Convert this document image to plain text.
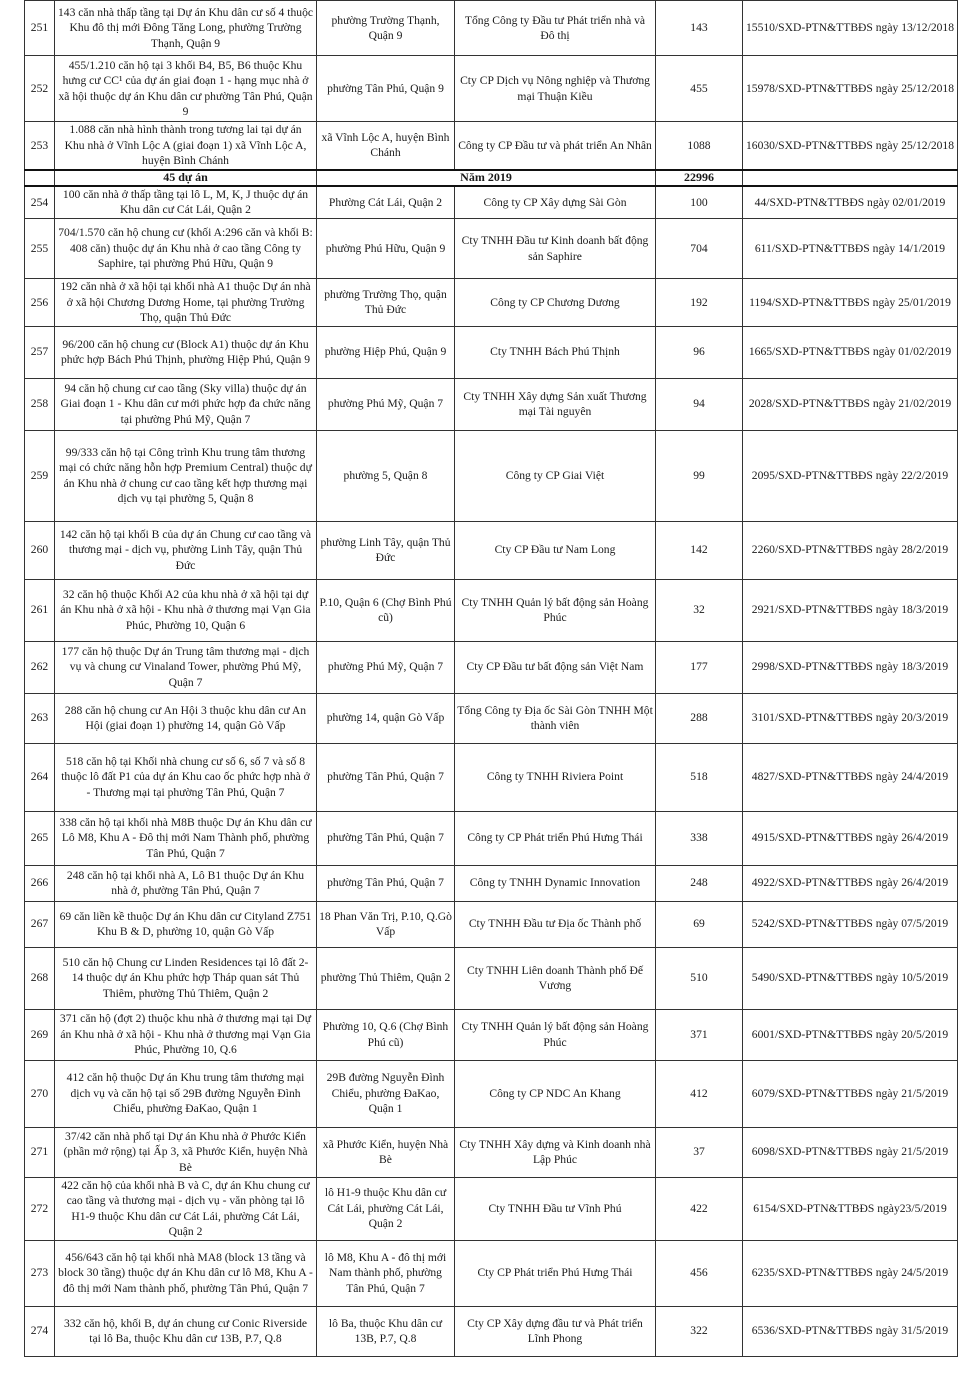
251	143 căn nhà thấp tầng tại Dự án Khu dân cư số 4 thuộc Khu đô thị mới Đông Tăng Long, phường Trường Thạnh, Quận 9	phường Trường Thạnh, Quận 9	Tổng Công ty Đầu tư Phát triển nhà và Đô thị	143	15510/SXD-PTN&TTBĐS ngày 13/12/2018
252	455/1.210 căn hộ tại 3 khối B4, B5, B6 thuộc Khu hưng cư CC¹ của dự án giai đoạn 1 - hạng mục nhà ở xã hội thuộc dự án Khu dân cư phường Tân Phú, Quận 9	phường Tân Phú, Quận 9	Cty CP Dịch vụ Nông nghiệp và Thương mại Thuận Kiều	455	15978/SXD-PTN&TTBĐS ngày 25/12/2018
253	1.088 căn nhà hình thành trong tương lai tại dự án Khu nhà ở Vĩnh Lộc A (giai đoạn 1) xã Vĩnh Lộc A, huyện Bình Chánh	xã Vĩnh Lộc A, huyện Bình Chánh	Công ty CP Đầu tư và phát triển An Nhân	1088	16030/SXD-PTN&TTBĐS ngày 25/12/2018
	45 dự án	Năm 2019		22996	
254	100 căn nhà ở thấp tầng tại lô L, M, K, J thuộc dự án Khu dân cư Cát Lái, Quận 2	Phường Cát Lái, Quận 2	Công ty CP Xây dựng Sài Gòn	100	44/SXD-PTN&TTBĐS ngày 02/01/2019
255	704/1.570 căn hộ chung cư (khối A:296 căn và khối B: 408 căn) thuộc dự án Khu nhà ở cao tầng Công ty Saphire, tại phường Phú Hữu, Quận 9	phường Phú Hữu, Quận 9	Cty TNHH Đầu tư Kinh doanh bất động sản Saphire	704	611/SXD-PTN&TTBĐS ngày 14/1/2019
256	192 căn nhà ở xã hội tại khối nhà A1 thuộc Dự án nhà ở xã hội Chương Dương Home, tại phường Trường Thọ, quận Thủ Đức	phường Trường Thọ, quận Thủ Đức	Công ty CP Chương Dương	192	1194/SXD-PTN&TTBĐS ngày 25/01/2019
257	96/200 căn hộ chung cư (Block A1) thuộc dự án Khu phức hợp Bách Phú Thịnh, phường Hiệp Phú, Quận 9	phường Hiệp Phú, Quận 9	Cty TNHH Bách Phú Thịnh	96	1665/SXD-PTN&TTBĐS ngày 01/02/2019
258	94 căn hộ chung cư cao tầng (Sky villa) thuộc dự án Giai đoạn 1 - Khu dân cư mới phức hợp đa chức năng tại phường Phú Mỹ, Quận 7	phường Phú Mỹ, Quận 7	Cty TNHH Xây dựng Sản xuất Thương mại Tài nguyên	94	2028/SXD-PTN&TTBĐS ngày 21/02/2019
259	99/333 căn hộ tại Công trình Khu trung tâm thương mại có chức năng hỗn hợp Premium Central) thuộc dự án Khu nhà ở chung cư cao tầng kết hợp thương mại dịch vụ tại phường 5, Quận 8	phường 5, Quận 8	Công ty CP Giai Việt	99	2095/SXD-PTN&TTBĐS ngày 22/2/2019
260	142 căn hộ tại khối B của dự án Chung cư cao tầng và thương mại - dịch vụ, phường Linh Tây, quận Thủ Đức	phường Linh Tây, quận Thủ Đức	Cty CP Đầu tư Nam Long	142	2260/SXD-PTN&TTBĐS ngày 28/2/2019
261	32 căn hộ thuộc Khối A2 của khu nhà ở xã hội tại dự án Khu nhà ở xã hội - Khu nhà ở thương mại Vạn Gia Phúc, Phường 10, Quận 6	P.10, Quận 6 (Chợ Bình Phú cũ)	Cty TNHH Quản lý bất động sản Hoàng Phúc	32	2921/SXD-PTN&TTBĐS ngày 18/3/2019
262	177 căn hộ thuộc Dự án Trung tâm thương mại - dịch vụ và chung cư Vinaland Tower, phường Phú Mỹ, Quận 7	phường Phú Mỹ, Quận 7	Cty CP Đầu tư bất động sản Việt Nam	177	2998/SXD-PTN&TTBĐS ngày 18/3/2019
263	288 căn hộ chung cư An Hội 3 thuộc khu dân cư An Hội (giai đoạn 1) phường 14, quận Gò Vấp	phường 14, quận Gò Vấp	Tổng Công ty Địa ốc Sài Gòn TNHH Một thành viên	288	3101/SXD-PTN&TTBĐS ngày 20/3/2019
264	518 căn hộ tại Khối nhà chung cư số 6, số 7 và số 8 thuộc lô đất P1 của dự án Khu cao ốc phức hợp nhà ở - Thương mại tại phường Tân Phú, Quận 7	phường Tân Phú, Quận 7	Công ty TNHH Riviera Point	518	4827/SXD-PTN&TTBĐS ngày 24/4/2019
265	338 căn hộ tại khối nhà M8B thuộc Dự án Khu dân cư Lô M8, Khu A - Đô thị mới Nam Thành phố, phường Tân Phú, Quận 7	phường Tân Phú, Quận 7	Công ty CP Phát triển Phú Hưng Thái	338	4915/SXD-PTN&TTBĐS ngày 26/4/2019
266	248 căn hộ tại khối nhà A, Lô B1 thuộc Dự án Khu nhà ở, phường Tân Phú, Quận 7	phường Tân Phú, Quận 7	Công ty TNHH Dynamic Innovation	248	4922/SXD-PTN&TTBĐS ngày 26/4/2019
267	69 căn liền kề thuộc Dự án Khu dân cư Cityland Z751 Khu B & D, phường 10, quận Gò Vấp	18 Phan Văn Trị, P.10, Q.Gò Vấp	Cty TNHH Đầu tư Địa ốc Thành phố	69	5242/SXD-PTN&TTBĐS ngày 07/5/2019
268	510 căn hộ Chung cư Linden Residences tại lô đất 2-14 thuộc dự án Khu phức hợp Tháp quan sát Thủ Thiêm, phường Thủ Thiêm, Quận 2	phường Thủ Thiêm, Quận 2	Cty TNHH Liên doanh Thành phố Đế Vương	510	5490/SXD-PTN&TTBĐS ngày 10/5/2019
269	371 căn hộ (đợt 2) thuộc khu nhà ở thương mại tại Dự án Khu nhà ở xã hội - Khu nhà ở thương mại Vạn Gia Phúc, Phường 10, Q.6	Phường 10, Q.6 (Chợ Bình Phú cũ)	Cty TNHH Quản lý bất động sản Hoàng Phúc	371	6001/SXD-PTN&TTBĐS ngày 20/5/2019
270	412 căn hộ thuộc Dự án Khu trung tâm thương mại dịch vụ và căn hộ tại số 29B đường Nguyễn Đình Chiểu, phường ĐaKao, Quận 1	29B đường Nguyễn Đình Chiểu, phường ĐaKao, Quận 1	Công ty CP NDC An Khang	412	6079/SXD-PTN&TTBĐS ngày 21/5/2019
271	37/42 căn nhà phố tại Dự án Khu nhà ở Phước Kiển (phần mở rộng) tại Ấp 3, xã Phước Kiển, huyện Nhà Bè	xã Phước Kiển, huyện Nhà Bè	Cty TNHH Xây dựng và Kinh doanh nhà Lập Phúc	37	6098/SXD-PTN&TTBĐS ngày 21/5/2019
272	422 căn hộ của khối nhà B và C, dự án Khu chung cư cao tầng và thương mại - dịch vụ - văn phòng tại lô H1-9 thuộc Khu dân cư Cát Lái, phường Cát Lái, Quận 2	lô H1-9 thuộc Khu dân cư Cát Lái, phường Cát Lái, Quận 2	Cty TNHH Đầu tư Vĩnh Phú	422	6154/SXD-PTN&TTBĐS ngày23/5/2019
273	456/643 căn hộ tại khối nhà MA8 (block 13 tầng và block 30 tầng) thuộc dự án Khu dân cư lô M8, Khu A - đô thị mới Nam thành phố, phường Tân Phú, Quận 7	lô M8, Khu A - đô thị mới Nam thành phố, phường Tân Phú, Quận 7	Cty CP Phát triển Phú Hưng Thái	456	6235/SXD-PTN&TTBĐS ngày 24/5/2019
274	332 căn hộ, khối B, dự án chung cư Conic Riverside tại lô Ba, thuộc Khu dân cư 13B, P.7, Q.8	lô Ba, thuộc Khu dân cư 13B, P.7, Q.8	Cty CP Xây dựng đầu tư và Phát triển Lĩnh Phong	322	6536/SXD-PTN&TTBĐS ngày 31/5/2019
